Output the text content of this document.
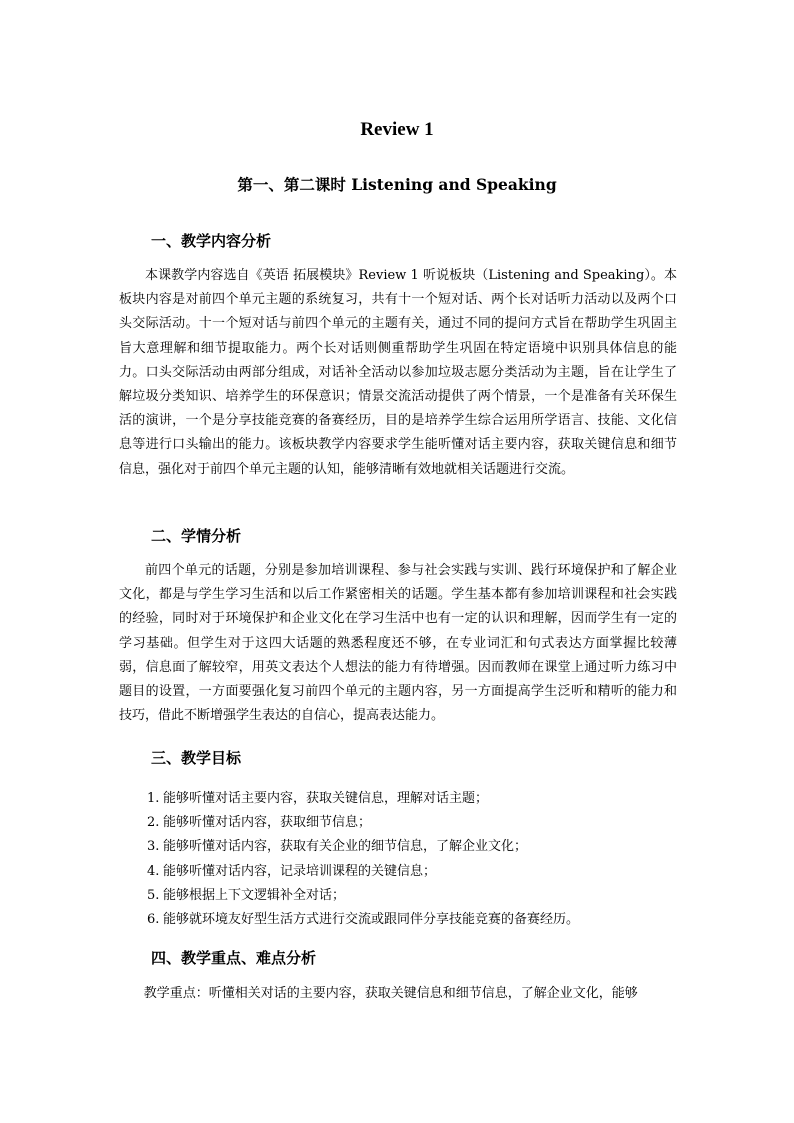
Review 1
第一、第二课时 Listening and Speaking
一、教学内容分析

本课教学内容选自《英语 拓展模块》Review 1 听说板块（Listening and Speaking）。本板块内容是对前四个单元主题的系统复习，共有十一个短对话、两个长对话听力活动以及两个口头交际活动。十一个短对话与前四个单元的主题有关，通过不同的提问方式旨在帮助学生巩固主旨大意理解和细节提取能力。两个长对话则侧重帮助学生巩固在特定语境中识别具体信息的能力。口头交际活动由两部分组成，对话补全活动以参加垃圾志愿分类活动为主题，旨在让学生了解垃圾分类知识、培养学生的环保意识；情景交流活动提供了两个情景，一个是准备有关环保生活的演讲，一个是分享技能竞赛的备赛经历，目的是培养学生综合运用所学语言、技能、文化信息等进行口头输出的能力。该板块教学内容要求学生能听懂对话主要内容，获取关键信息和细节信息，强化对于前四个单元主题的认知，能够清晰有效地就相关话题进行交流。

二、学情分析

前四个单元的话题，分别是参加培训课程、参与社会实践与实训、践行环境保护和了解企业文化，都是与学生学习生活和以后工作紧密相关的话题。学生基本都有参加培训课程和社会实践的经验，同时对于环境保护和企业文化在学习生活中也有一定的认识和理解，因而学生有一定的学习基础。但学生对于这四大话题的熟悉程度还不够，在专业词汇和句式表达方面掌握比较薄弱，信息面了解较窄，用英文表达个人想法的能力有待增强。因而教师在课堂上通过听力练习中题目的设置，一方面要强化复习前四个单元的主题内容，另一方面提高学生泛听和精听的能力和技巧，借此不断增强学生表达的自信心，提高表达能力。

三、教学目标
1. 能够听懂对话主要内容，获取关键信息，理解对话主题；
2. 能够听懂对话内容，获取细节信息；
3. 能够听懂对话内容，获取有关企业的细节信息，了解企业文化；
4. 能够听懂对话内容，记录培训课程的关键信息；
5. 能够根据上下文逻辑补全对话；
6. 能够就环境友好型生活方式进行交流或跟同伴分享技能竞赛的备赛经历。
四、教学重点、难点分析

教学重点：听懂相关对话的主要内容，获取关键信息和细节信息，了解企业文化，能够
